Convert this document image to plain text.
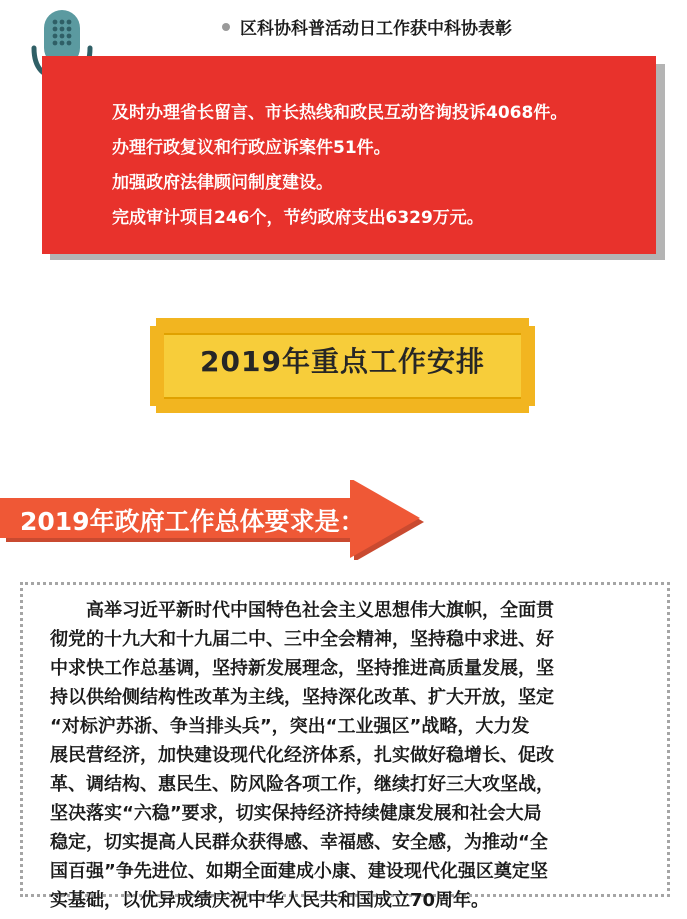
区科协科普活动日工作获中科协表彰
及时办理省长留言、市长热线和政民互动咨询投诉4068件。
办理行政复议和行政应诉案件51件。
加强政府法律顾问制度建设。
完成审计项目246个，节约政府支出6329万元。
2019年重点工作安排
2019年政府工作总体要求是：
　　高举习近平新时代中国特色社会主义思想伟大旗帜，全面贯
彻党的十九大和十九届二中、三中全会精神，坚持稳中求进、好
中求快工作总基调，坚持新发展理念，坚持推进高质量发展，坚
持以供给侧结构性改革为主线，坚持深化改革、扩大开放，坚定
“对标沪苏浙、争当排头兵”，突出“工业强区”战略，大力发
展民营经济，加快建设现代化经济体系，扎实做好稳增长、促改
革、调结构、惠民生、防风险各项工作，继续打好三大攻坚战，
坚决落实“六稳”要求，切实保持经济持续健康发展和社会大局
稳定，切实提高人民群众获得感、幸福感、安全感，为推动“全
国百强”争先进位、如期全面建成小康、建设现代化强区奠定坚
实基础，以优异成绩庆祝中华人民共和国成立70周年。
